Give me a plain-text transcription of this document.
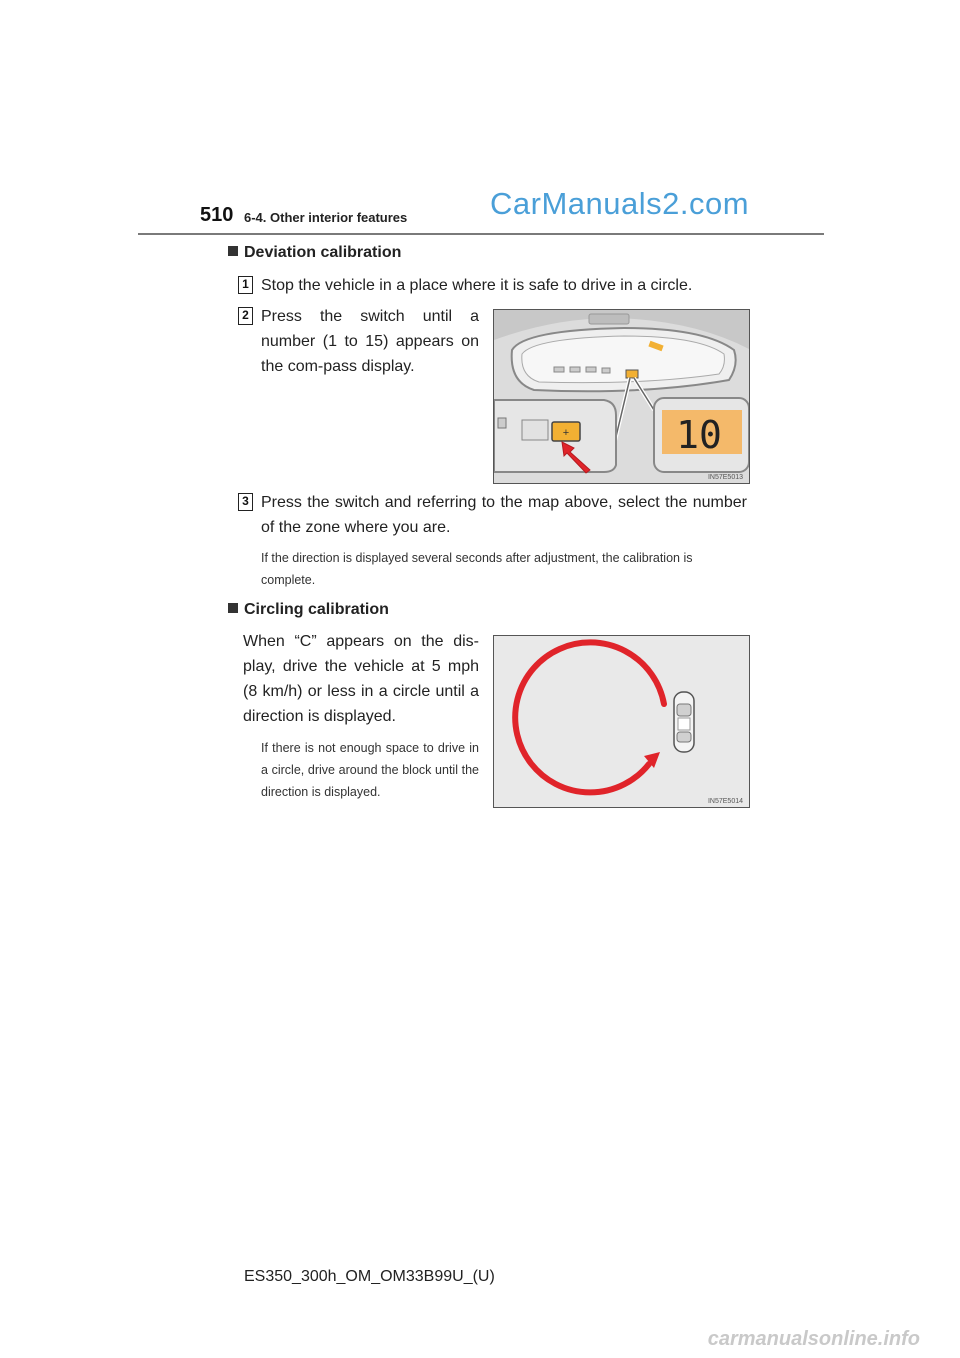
510 6-4. Other interior features	CarManuals2.com
Deviation calibration
1 Stop the vehicle in a place where it is safe to drive in a circle.
2 Press the switch until a number (1 to 15) appears on the com-pass display.
+	10
IN57E5013
3 Press the switch and referring to the map above, select the number of the zone where you are.
If the direction is displayed several seconds after adjustment, the calibration is complete.
Circling calibration
When “C” appears on the dis-play, drive the vehicle at 5 mph (8 km/h) or less in a circle until a direction is displayed.
If there is not enough space to drive in a circle, drive around the block until the direction is displayed.
IN57E5014
ES350_300h_OM_OM33B99U_(U)
carmanualsonline.info
